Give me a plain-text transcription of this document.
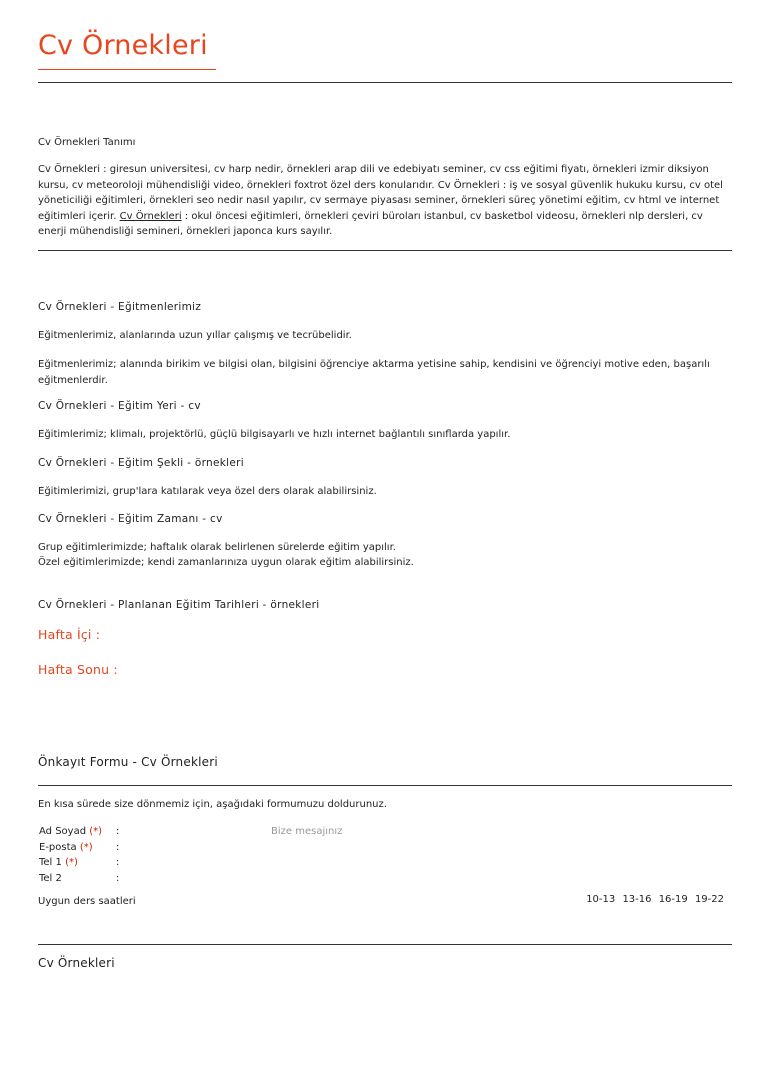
Cv Örnekleri
Cv Örnekleri Tanımı
Cv Örnekleri : giresun universitesi, cv harp nedir, örnekleri arap dili ve edebiyatı seminer, cv css eğitimi fiyatı, örnekleri izmir diksiyon kursu, cv meteoroloji mühendisliği video, örnekleri foxtrot özel ders konularıdır. Cv Örnekleri : iş ve sosyal güvenlik hukuku kursu, cv otel yöneticiliği eğitimleri, örnekleri seo nedir nasıl yapılır, cv sermaye piyasası seminer, örnekleri süreç yönetimi eğitim, cv html ve internet eğitimleri içerir. Cv Örnekleri : okul öncesi eğitimleri, örnekleri çeviri büroları istanbul, cv basketbol videosu, örnekleri nlp dersleri, cv enerji mühendisliği semineri, örnekleri japonca kurs sayılır.
Cv Örnekleri - Eğitmenlerimiz
Eğitmenlerimiz, alanlarında uzun yıllar çalışmış ve tecrübelidir.
Eğitmenlerimiz; alanında birikim ve bilgisi olan, bilgisini öğrenciye aktarma yetisine sahip, kendisini ve öğrenciyi motive eden, başarılı eğitmenlerdir.
Cv Örnekleri - Eğitim Yeri - cv
Eğitimlerimiz; klimalı, projektörlü, güçlü bilgisayarlı ve hızlı internet bağlantılı sınıflarda yapılır.
Cv Örnekleri - Eğitim Şekli - örnekleri
Eğitimlerimizi, grup'lara katılarak veya özel ders olarak alabilirsiniz.
Cv Örnekleri - Eğitim Zamanı - cv
Grup eğitimlerimizde; haftalık olarak belirlenen sürelerde eğitim yapılır.
Özel eğitimlerimizde; kendi zamanlarınıza uygun olarak eğitim alabilirsiniz.
Cv Örnekleri - Planlanan Eğitim Tarihleri - örnekleri
Hafta İçi :
Hafta Sonu :
Önkayıt Formu - Cv Örnekleri
En kısa sürede size dönmemiz için, aşağıdaki formumuzu doldurunuz.
Ad Soyad (*) :
E-posta (*) :
Tel 1 (*)	:
Tel 2	:
Bize mesajınız
Uygun ders saatleri	10-13 13-16 16-19 19-22
Cv Örnekleri
